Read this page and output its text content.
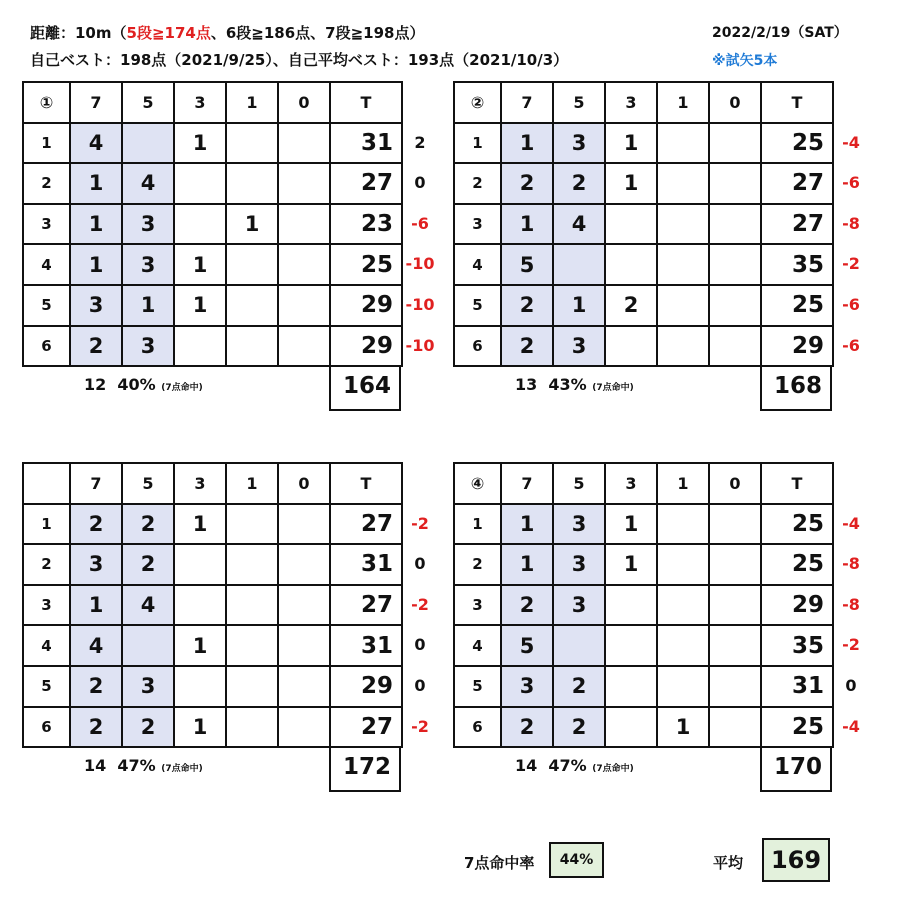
距離：10m（5段≧174点、6段≧186点、7段≧198点）
自己ベスト：198点（2021/9/25）、自己平均ベスト：193点（2021/10/3）
2022/2/19（SAT）
※試矢5本
2
0
-6
-10
-10
-10
①	7	5	3	1	0	T
1	4		1			31
2	1	4				27
3	1	3		1		23
4	1	3	1			25
5	3	1	1			29
6	2	3				29
12 40% (7点命中)	164
-4
-6
-8
-2
-6
-6
②	7	5	3	1	0	T
1	1	3	1			25
2	2	2	1			27
3	1	4				27
4	5					35
5	2	1	2			25
6	2	3				29
13 43% (7点命中)	168
-2
0
-2
0
0
-2
	7	5	3	1	0	T
1	2	2	1			27
2	3	2				31
3	1	4				27
4	4		1			31
5	2	3				29
6	2	2	1			27
14 47% (7点命中)	172
-4
-8
-8
-2
0
-4
④	7	5	3	1	0	T
1	1	3	1			25
2	1	3	1			25
3	2	3				29
4	5					35
5	3	2				31
6	2	2		1		25
14 47% (7点命中)	170
7点命中率	44%	平均	169
